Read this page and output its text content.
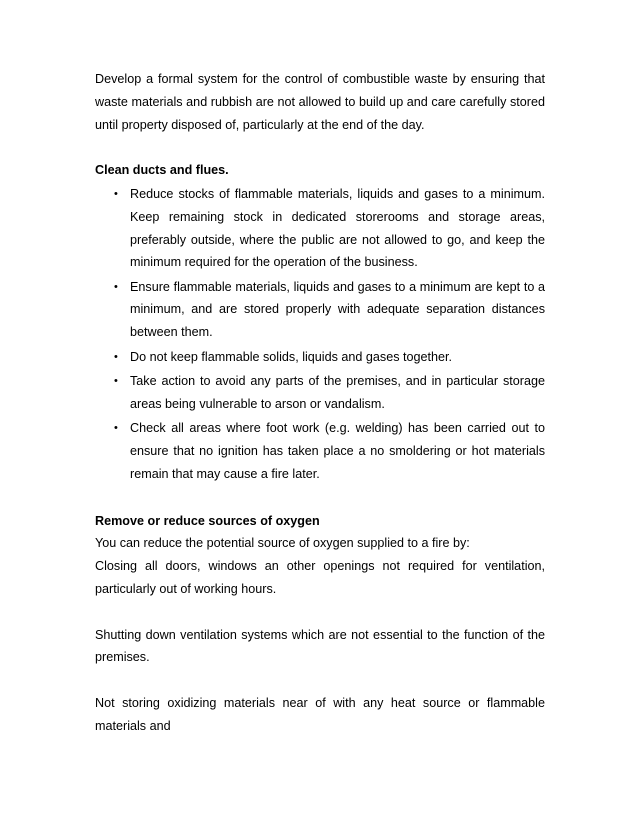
Develop a formal system for the control of combustible waste by ensuring that waste materials and rubbish are not allowed to build up and care carefully stored until property disposed of, particularly at the end of the day.

Clean ducts and flues.

• Reduce stocks of flammable materials, liquids and gases to a minimum. Keep remaining stock in dedicated storerooms and storage areas, preferably outside, where the public are not allowed to go, and keep the minimum required for the operation of the business.
• Ensure flammable materials, liquids and gases to a minimum are kept to a minimum, and are stored properly with adequate separation distances between them.
• Do not keep flammable solids, liquids and gases together.
• Take action to avoid any parts of the premises, and in particular storage areas being vulnerable to arson or vandalism.
• Check all areas where foot work (e.g. welding) has been carried out to ensure that no ignition has taken place a no smoldering or hot materials remain that may cause a fire later.

Remove or reduce sources of oxygen

You can reduce the potential source of oxygen supplied to a fire by:

Closing all doors, windows an other openings not required for ventilation, particularly out of working hours.

Shutting down ventilation systems which are not essential to the function of the premises.

Not storing oxidizing materials near of with any heat source or flammable materials and
